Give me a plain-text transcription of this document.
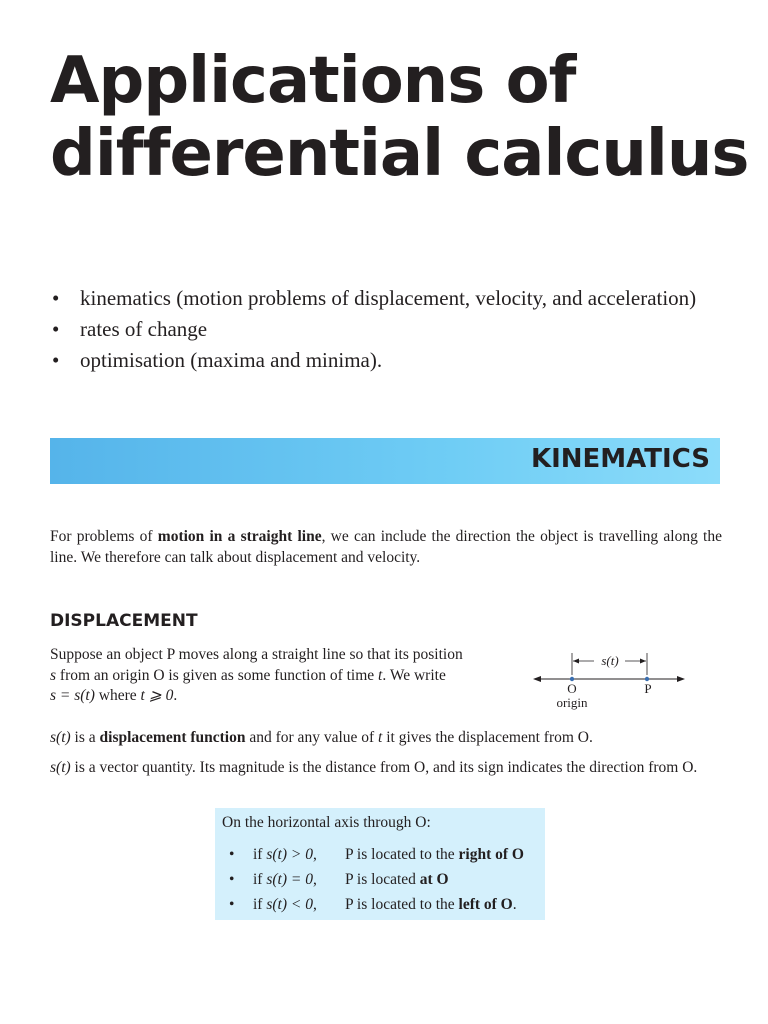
Applications of
differential calculus
• kinematics (motion problems of displacement, velocity, and acceleration)
• rates of change
• optimisation (maxima and minima).
KINEMATICS

For problems of motion in a straight line, we can include the direction the object is travelling along the line. We therefore can talk about displacement and velocity.

DISPLACEMENT

Suppose an object P moves along a straight line so that its position
s from an origin O is given as some function of time t. We write
s = s(t) where t ⩾ 0.

s(t)
O	P
origin

s(t) is a displacement function and for any value of t it gives the displacement from O.

s(t) is a vector quantity. Its magnitude is the distance from O, and its sign indicates the direction from O.

On the horizontal axis through O:
• if s(t) > 0, P is located to the right of O
• if s(t) = 0, P is located at O
• if s(t) < 0, P is located to the left of O.
